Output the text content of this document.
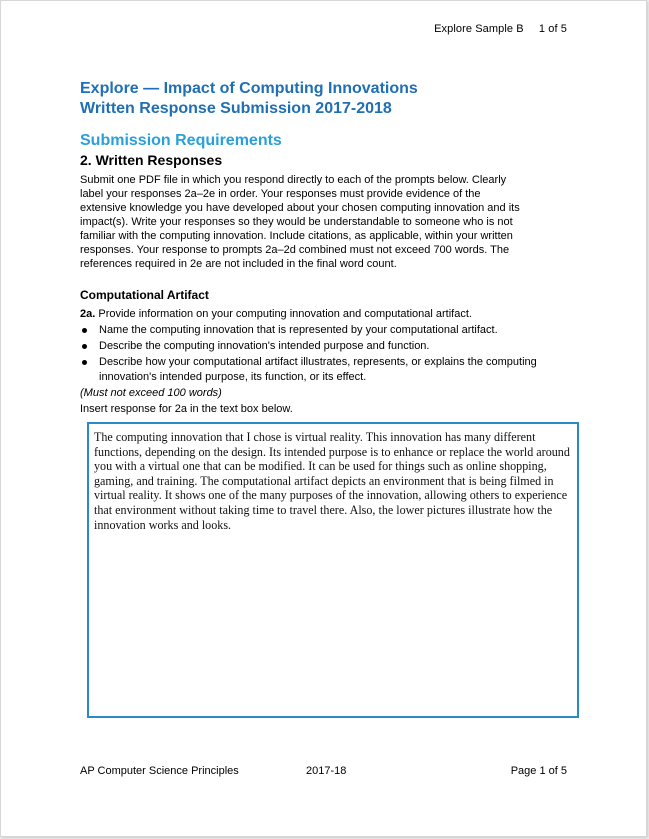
Explore Sample B 1 of 5
Explore — Impact of Computing Innovations
Written Response Submission 2017-2018
Submission Requirements
2. Written Responses
Submit one PDF file in which you respond directly to each of the prompts below. Clearly label your responses 2a–2e in order. Your responses must provide evidence of the extensive knowledge you have developed about your chosen computing innovation and its impact(s). Write your responses so they would be understandable to someone who is not familiar with the computing innovation. Include citations, as applicable, within your written responses. Your response to prompts 2a–2d combined must not exceed 700 words. The references required in 2e are not included in the final word count.
Computational Artifact
2a. Provide information on your computing innovation and computational artifact.
Name the computing innovation that is represented by your computational artifact.
Describe the computing innovation's intended purpose and function.
Describe how your computational artifact illustrates, represents, or explains the computing innovation's intended purpose, its function, or its effect.
(Must not exceed 100 words)
Insert response for 2a in the text box below.
The computing innovation that I chose is virtual reality. This innovation has many different functions, depending on the design. Its intended purpose is to enhance or replace the world around you with a virtual one that can be modified. It can be used for things such as online shopping, gaming, and training. The computational artifact depicts an environment that is being filmed in virtual reality. It shows one of the many purposes of the innovation, allowing others to experience that environment without taking time to travel there. Also, the lower pictures illustrate how the innovation works and looks.
AP Computer Science Principles	2017-18	Page 1 of 5
